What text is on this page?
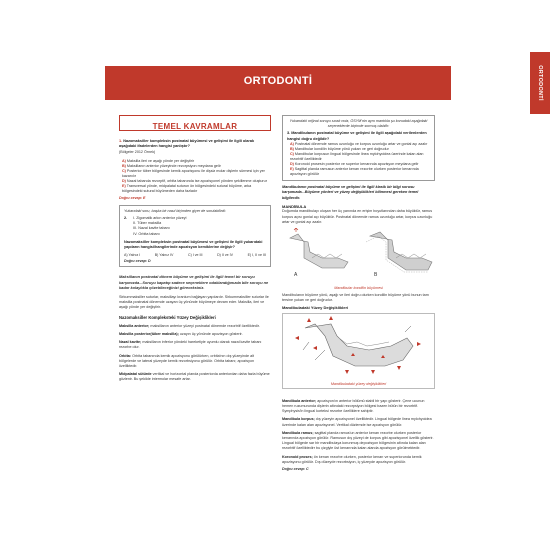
ORTODONTİ
ORTODONTİ
TEMEL KAVRAMLAR
1. Nazomaksiller kompleksin postnatal büyümesi ve gelişimi ile ilgili olarak aşağıdaki ifadelerden hangisi yanlıştır?
(Bölgeler 2012 Örnek)
A) Maksilla ileri ve aşağı yönde yer değiştirir
B) Maksillanın anterior yüzeyinde rezorpsiyon meydana gelir
C) Posterior tüber bölgesinde kemik apozisyonu ile dişsiz molar dişlerin sürmesi için yer kazanılır
D) Nazal tabanda rezorptif, orbita tabanında ise apozisyonel yönden şekillenme oluşturur
E) Transversal yönde, midpalatal suturun ön bölgesindeki sutural büyüme, arka bölgesindeki sutural büyümeden daha fazladır
Doğru cevap: E
Yukarıdaki soru, başka bir nasıl biçimden giyer de sorulabilirdi:
2. I. Zigomatik arkın anterior yüzeyi
II. Tüber maksilla
III. Nazal kavite tabanı
IV. Orbita tabanı
Nazomaksiller kompleksin postnatal büyümesi ve gelişimi ile ilgili yukarıdaki yapıların hangisi/hangilerinde apozisyon kemiklerine değişir?
A) Yalnız I	B) Yalnız IV	C) I ve III	D) II ve IV	E) I, II ve III
Doğru cevap: D
Maksillanın postnatal dönem büyüme ve gelişimi ile ilgili temel bir soruyu karşımızda...Soruyu kapatıp sadece seçeneklere odaklandığınızda bile soruyu ne kadar kolaylıkla çözebileceğinizi göreceksiniz.
Sirkummaksiller suturlar, maksillayı kranium bağlayan yapılardır. Sirkummaksiller suturlar ile maksilla postnatal dönemde uzayan üç yönünde büyümeye devam eder. Maksilla, ileri ve aşağı yönde yer değiştirir.
Nazomaksiller Kompleksteki Yüzey Değişiklikleri
Maksilla anterior; maksillanın anterior yüzeyi postnatal dönemde rezorbtif özelliktedir.
Maksilla posterior(tüber maksilla); uzayın üç yönünde apozisyon gösterir.
Nazal kavite; maksillanın inferior yöndeki hareketiyle uyumlu olarak nazal kavite tabanı rezorbe olur.
Orbita: Orbita tabanında kemik apozisyonu görülürken, orbita'nın dış yüzeyinde alt bölgelerde ve lateral yüzeyde kemik rezorbsiyonu görülür. Orbita tabanı; apozisyon özelliktedir.
Midpalatal sütürde vertikal ve horizontal planda posteriorda anteriordan daha fazla büyüme gözlenir. Bu şekilde intermolar mesafe artar.
Yukarıdaki orijinal soruyu sıcak noia, ÖSYM'nin aynı mantıkla şu konudaki aşağıdaki seçeneklerde biçimde sormuş olabilir:
3. Mandibulanın postnatal büyüme ve gelişimi ile ilgili aşağıdaki verilenlerden hangisi doğru değildir?
A) Postnatal dönemde ramus uzunluğu ve korpus uzunluğu artar ve gonial açı azalır
B) Mandibular kondilin büyüme yönü yukarı ve geri doğrudur
C) Mandibular korpusun lingual bölgesinde linea mylohyoidea üzerinde kalan alan rezorbtif özelliktedir
D) Koronoid prosesin posterior ve superior kenarında apozisyon meydana gelir
E) Sagittal planda ramusun anterior kenarı rezorbe olurken posterior kenarında apozisyon görülür
Mandibulanın postnatal büyüme ve gelişimi ile ilgili klasik bir bilgi sorusu karşımızda...Büyüme yönleri ve yüzey değişiklikleri bilinmesi gereken temel bilgilerdir.
MANDİBULA
Doğumda mandibulayı oluşan her üç yanında en erişim boyutlarından daha büyüktür, ramus korpus açısı gonial açı büyüktür. Postnatal dönemde ramus uzunluğu artar, korpus uzunluğu artar ve gonial açı azalır.
A	B
Mandibular kondilin büyümesi
Mandibulanın büyüme yönü, aşağı ve ileri doğru olurken kondilin büyüme yönü bunun tam tersine yukarı ve geri doğrudur.
Mandibuladaki Yüzey Değişiklikleri
Mandibuladaki yüzey değişiklikleri
Mandibula anterior; apozisyon/ın anterior bölümü stabil bir yapı gösterir. Çene ucunun hemen ruzumurunda dişlerin altındaki rezorpsiyon bölgesi bazen bütün bir rezorbtif. Symphysis'in lingual korteksi rezorbe özelliklere sahiptir.
Mandibula korpus; dış yüzeyin apozisyonel özelliktedir. Lingual bölgede linea mylohyoidea üzerinde kalan alan apozisyonel. Vertikal düzlemde ise apozisyon görülür.
Mandibula ramus; sagittal planda ramus'un anterior kenarı rezorbe olurken posterior kenarında apozisyon görülür. Ramusun dış yüzeyi de korpus gibi apozisyonel özellik gösterir. Lingual bölgede sar bir mandibulaya korunmuş depozisyon bölgesinin altında kalan alan rezorbtif özelliktedirr bu çizgiyle üst kenarında kalan alanda apozisyon görülmektedir.
Koronoid proses; ön kenarı rezorbe olurken, posterior kenarı ve superiorunda kemik apozisyonu görülür. Dış düzeyde rezorbsiyon, iç yüzeyde apozisyon görülür.
Doğru cevap: C
